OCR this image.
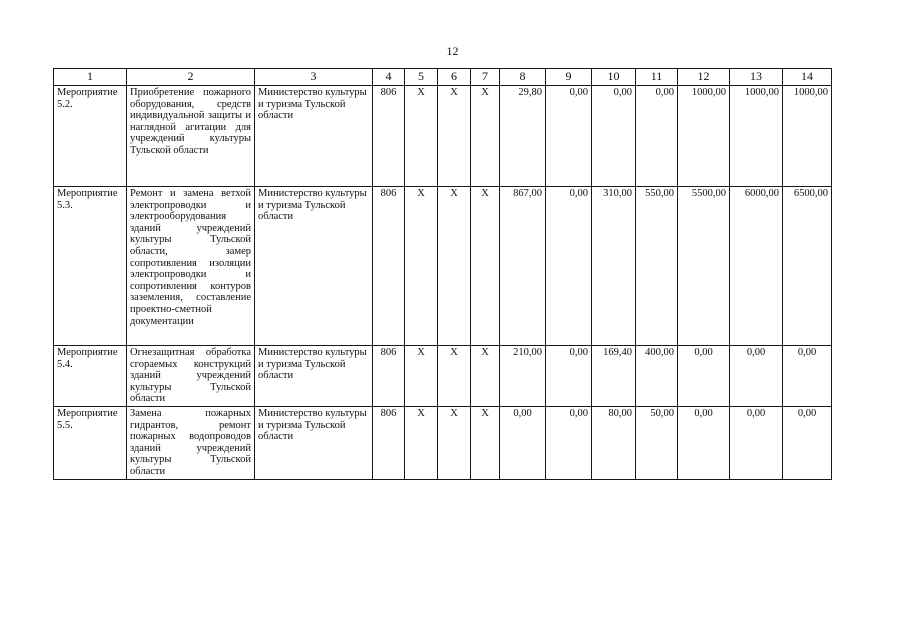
12
1	2	3	4	5	6	7	8	9	10	11	12	13	14
Мероприятие 5.2.	Приобретение пожарного оборудования, средств индивидуальной защиты и наглядной агитации для учреждений культуры Тульской области	Министерство культуры и туризма Тульской области	806	X	X	X	29,80	0,00	0,00	0,00	1000,00	1000,00	1000,00
Мероприятие 5.3.	Ремонт и замена ветхой электропроводки и электрооборудования зданий учреждений культуры Тульской области, замер сопротивления изоляции электропроводки и сопротивления контуров заземления, составление проектно-сметной документации	Министерство культуры и туризма Тульской области	806	X	X	X	867,00	0,00	310,00	550,00	5500,00	6000,00	6500,00
Мероприятие 5.4.	Огнезащитная обработка сгораемых конструкций зданий учреждений культуры Тульской области	Министерство культуры и туризма Тульской области	806	X	X	X	210,00	0,00	169,40	400,00	0,00	0,00	0,00
Мероприятие 5.5.	Замена пожарных гидрантов, ремонт пожарных водопроводов зданий учреждений культуры Тульской области	Министерство культуры и туризма Тульской области	806	X	X	X	0,00	0,00	80,00	50,00	0,00	0,00	0,00
